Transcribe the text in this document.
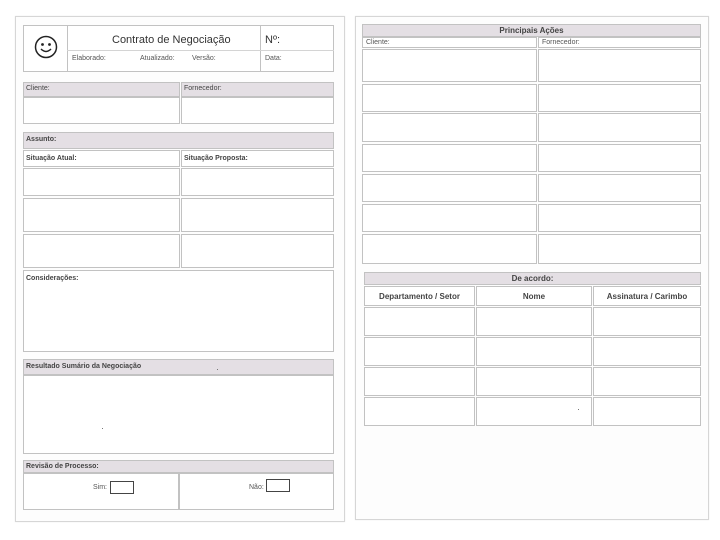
Contrato de Negociação	Nº:
Elaborado:	Atualizado: Versão:	Data:
Cliente:	Fornecedor:
Assunto:
Situação Atual:	Situação Proposta:
Considerações:
Resultado Sumário da Negociação
Revisão de Processo:
Sim:	Não:
Principais Ações
Cliente:	Fornecedor:
De acordo:
Departamento / Setor	Nome	Assinatura / Carimbo
